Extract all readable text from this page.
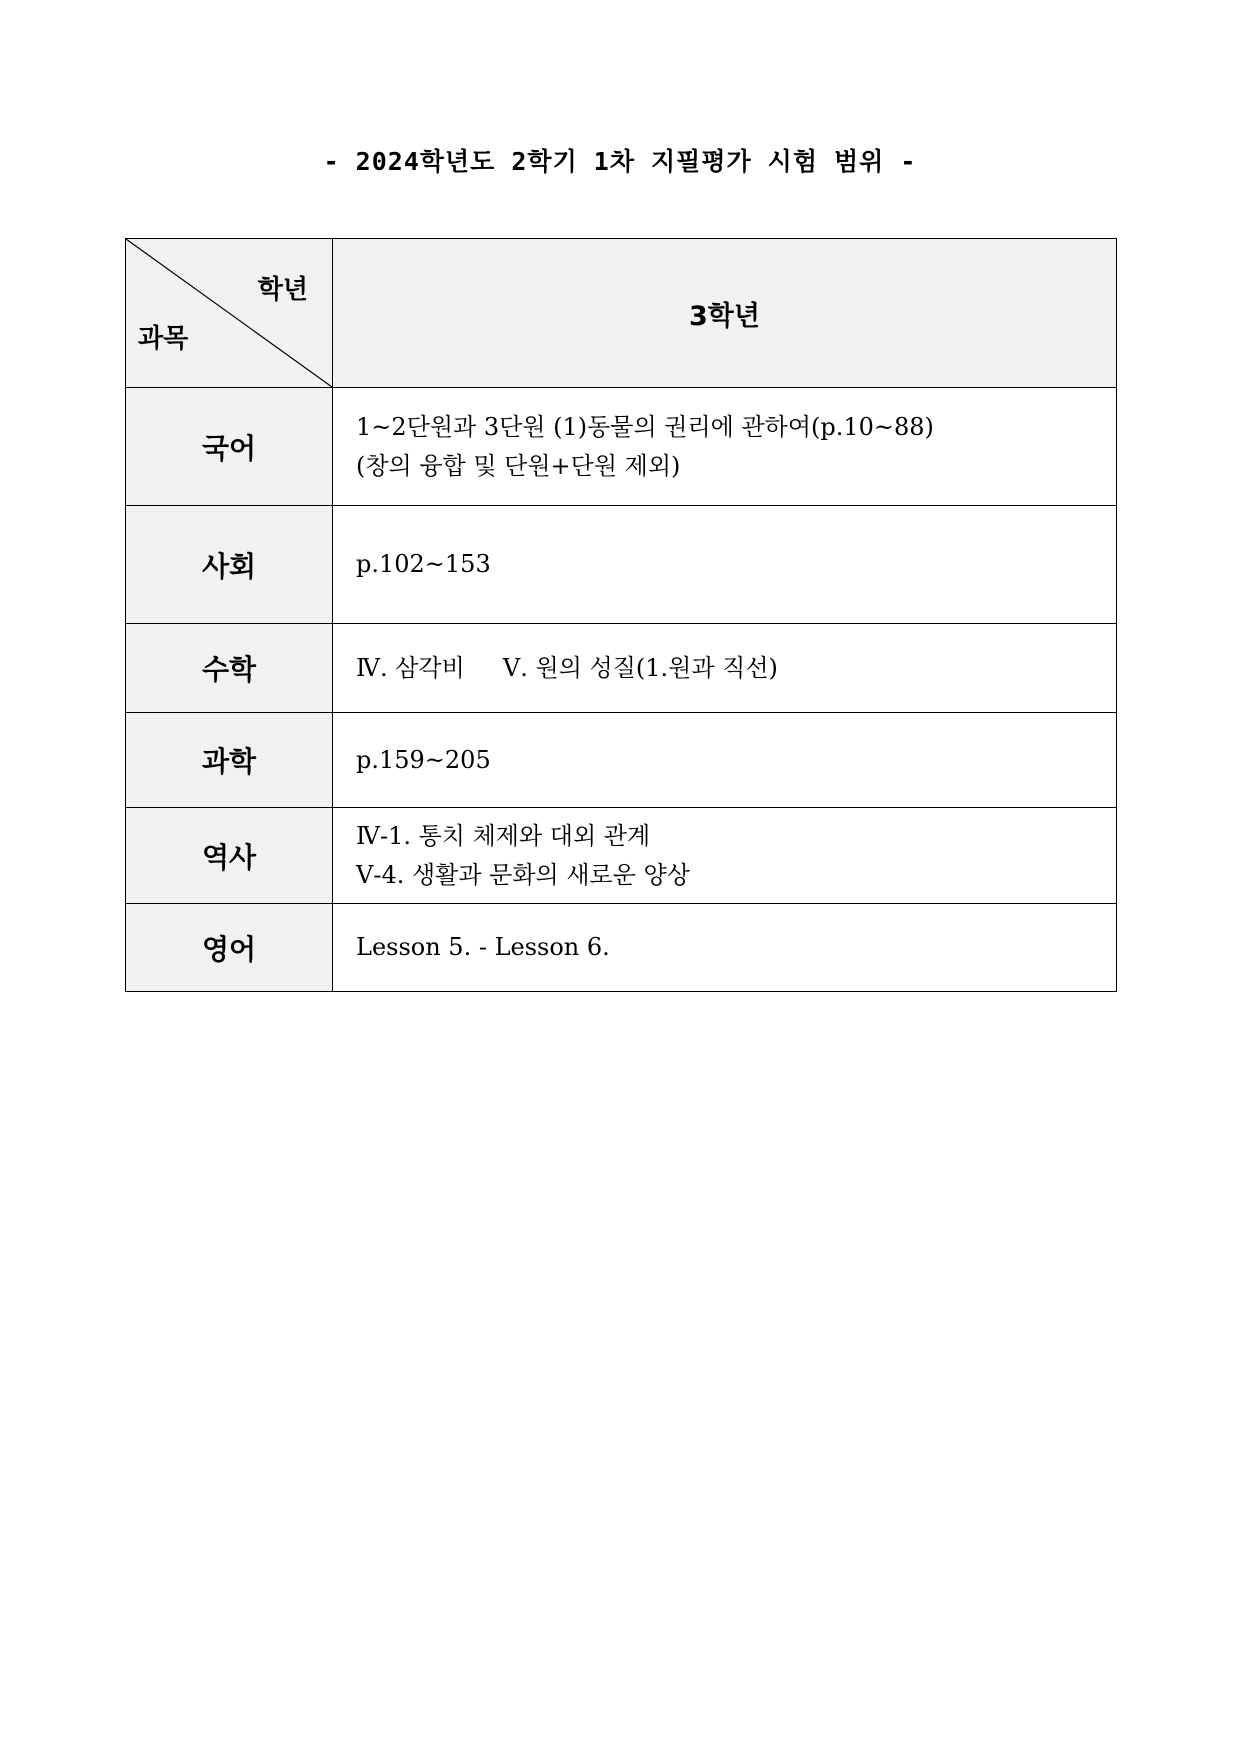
- 2024학년도 2학기 1차 지필평가 시험 범위 -
학년
과목	3학년
국어	1~2단원과 3단원 (1)동물의 권리에 관하여(p.10~88)
(창의 융합 및 단원+단원 제외)

사회	p.102~153

수학	Ⅳ. 삼각비     Ⅴ. 원의 성질(1.원과 직선)

과학	p.159~205

역사	Ⅳ-1. 통치 체제와 대외 관계
Ⅴ-4. 생활과 문화의 새로운 양상

영어	Lesson 5. - Lesson 6.
